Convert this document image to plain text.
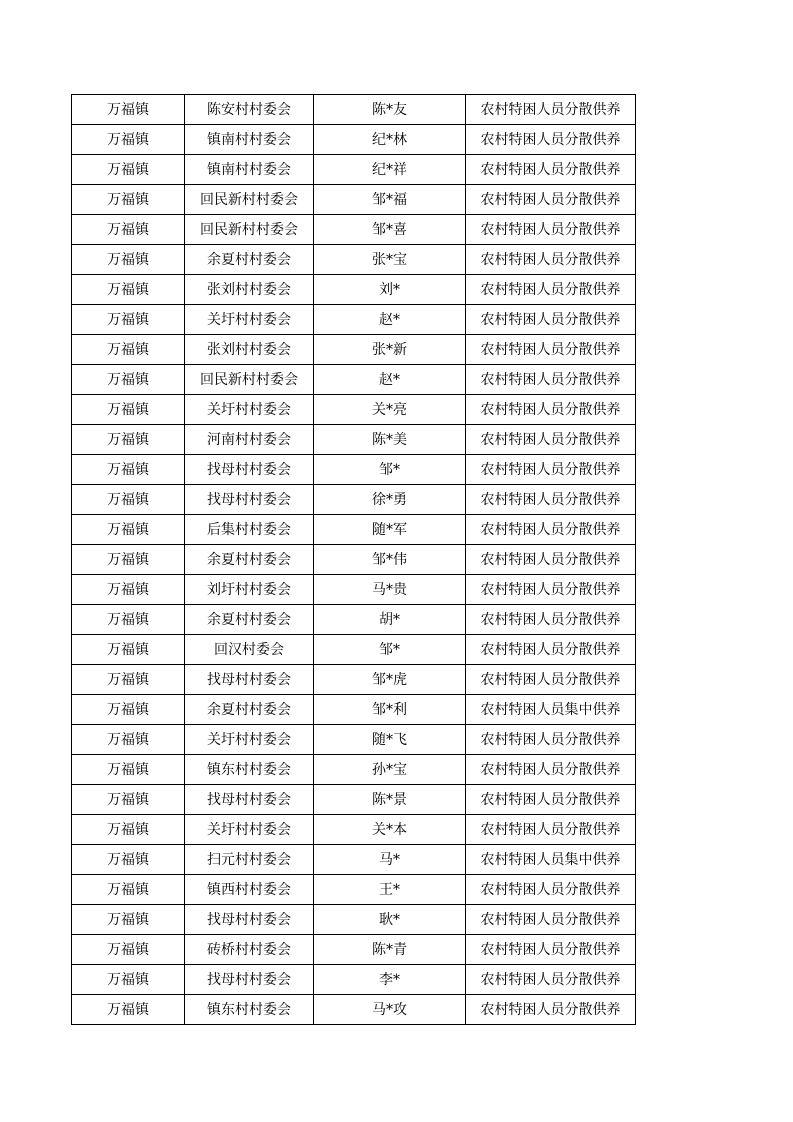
万福镇	陈安村村委会	陈*友	农村特困人员分散供养
万福镇	镇南村村委会	纪*林	农村特困人员分散供养
万福镇	镇南村村委会	纪*祥	农村特困人员分散供养
万福镇	回民新村村委会	邹*福	农村特困人员分散供养
万福镇	回民新村村委会	邹*喜	农村特困人员分散供养
万福镇	余夏村村委会	张*宝	农村特困人员分散供养
万福镇	张刘村村委会	刘*	农村特困人员分散供养
万福镇	关圩村村委会	赵*	农村特困人员分散供养
万福镇	张刘村村委会	张*新	农村特困人员分散供养
万福镇	回民新村村委会	赵*	农村特困人员分散供养
万福镇	关圩村村委会	关*亮	农村特困人员分散供养
万福镇	河南村村委会	陈*美	农村特困人员分散供养
万福镇	找母村村委会	邹*	农村特困人员分散供养
万福镇	找母村村委会	徐*勇	农村特困人员分散供养
万福镇	后集村村委会	随*军	农村特困人员分散供养
万福镇	余夏村村委会	邹*伟	农村特困人员分散供养
万福镇	刘圩村村委会	马*贵	农村特困人员分散供养
万福镇	余夏村村委会	胡*	农村特困人员分散供养
万福镇	回汉村委会	邹*	农村特困人员分散供养
万福镇	找母村村委会	邹*虎	农村特困人员分散供养
万福镇	余夏村村委会	邹*利	农村特困人员集中供养
万福镇	关圩村村委会	随*飞	农村特困人员分散供养
万福镇	镇东村村委会	孙*宝	农村特困人员分散供养
万福镇	找母村村委会	陈*景	农村特困人员分散供养
万福镇	关圩村村委会	关*本	农村特困人员分散供养
万福镇	扫元村村委会	马*	农村特困人员集中供养
万福镇	镇西村村委会	王*	农村特困人员分散供养
万福镇	找母村村委会	耿*	农村特困人员分散供养
万福镇	砖桥村村委会	陈*青	农村特困人员分散供养
万福镇	找母村村委会	李*	农村特困人员分散供养
万福镇	镇东村村委会	马*攻	农村特困人员分散供养
